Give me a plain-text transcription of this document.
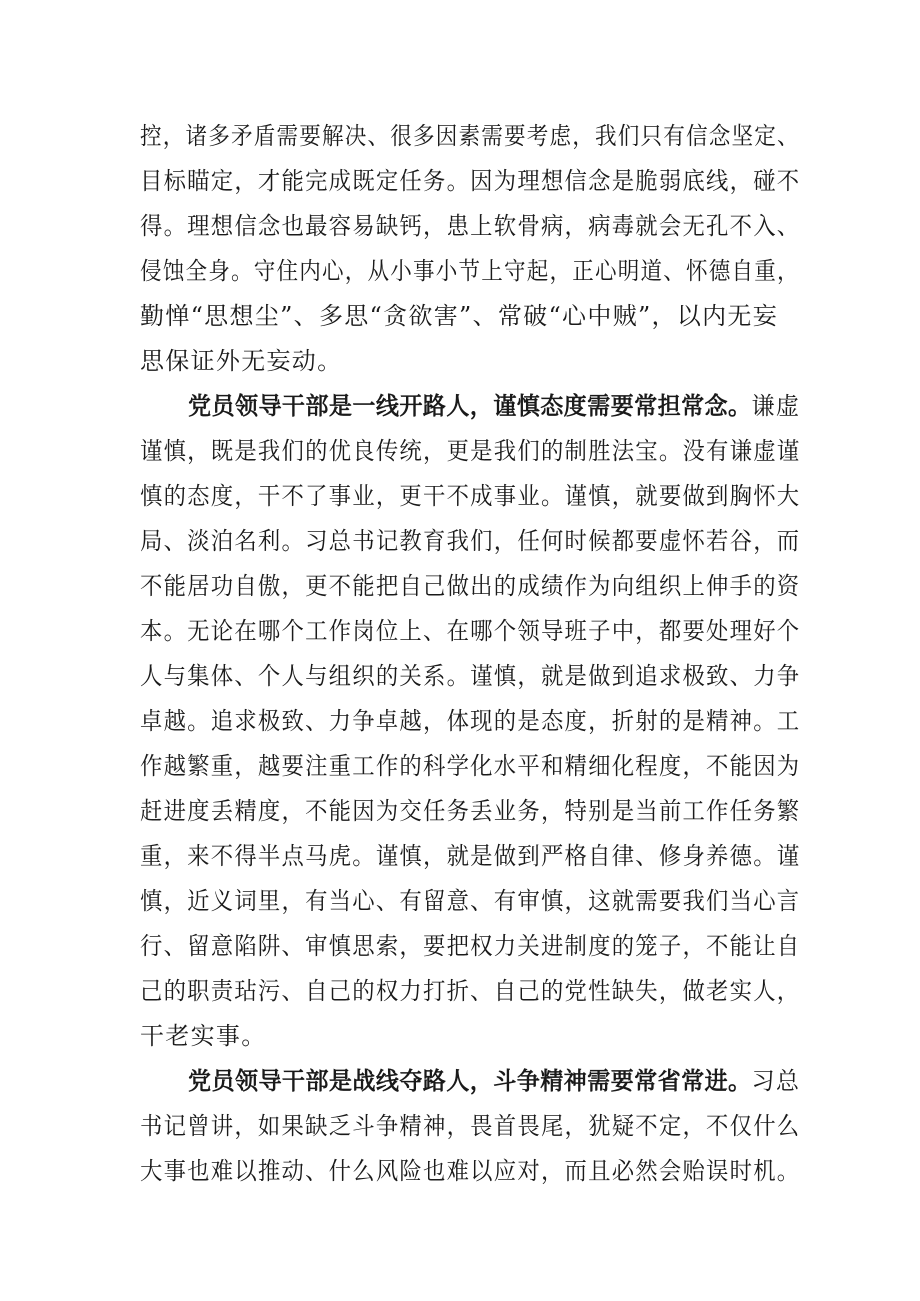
控，诸多矛盾需要解决、很多因素需要考虑，我们只有信念坚定、
目标瞄定，才能完成既定任务。因为理想信念是脆弱底线，碰不
得。理想信念也最容易缺钙，患上软骨病，病毒就会无孔不入、
侵蚀全身。守住内心，从小事小节上守起，正心明道、怀德自重，
勤惮“思想尘”、多思“贪欲害”、常破“心中贼”，以内无妄
思保证外无妄动。
党员领导干部是一线开路人，谨慎态度需要常担常念。谦虚
谨慎，既是我们的优良传统，更是我们的制胜法宝。没有谦虚谨
慎的态度，干不了事业，更干不成事业。谨慎，就要做到胸怀大
局、淡泊名利。习总书记教育我们，任何时候都要虚怀若谷，而
不能居功自傲，更不能把自己做出的成绩作为向组织上伸手的资
本。无论在哪个工作岗位上、在哪个领导班子中，都要处理好个
人与集体、个人与组织的关系。谨慎，就是做到追求极致、力争
卓越。追求极致、力争卓越，体现的是态度，折射的是精神。工
作越繁重，越要注重工作的科学化水平和精细化程度，不能因为
赶进度丢精度，不能因为交任务丢业务，特别是当前工作任务繁
重，来不得半点马虎。谨慎，就是做到严格自律、修身养德。谨
慎，近义词里，有当心、有留意、有审慎，这就需要我们当心言
行、留意陷阱、审慎思索，要把权力关进制度的笼子，不能让自
己的职责玷污、自己的权力打折、自己的党性缺失，做老实人，
干老实事。
党员领导干部是战线夺路人，斗争精神需要常省常进。习总
书记曾讲，如果缺乏斗争精神，畏首畏尾，犹疑不定，不仅什么
大事也难以推动、什么风险也难以应对，而且必然会贻误时机。
